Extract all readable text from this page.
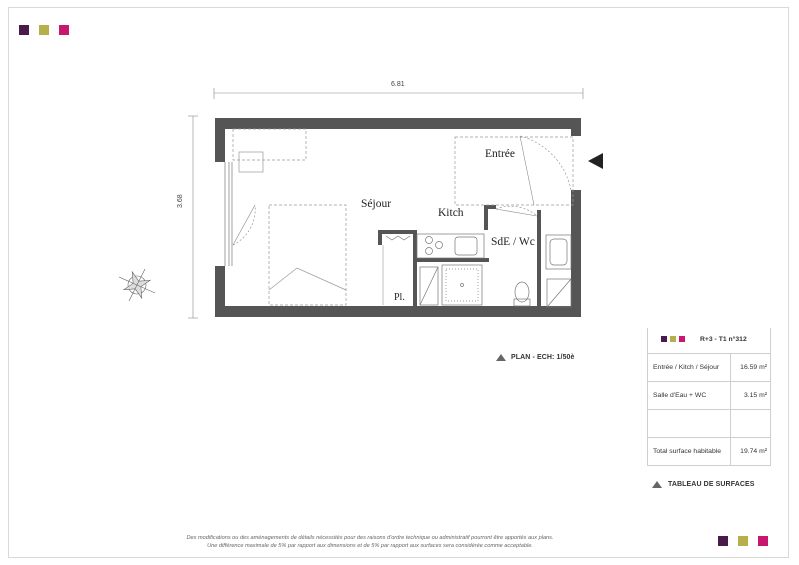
6.81
3.68
Entrée
Séjour
Kitch
SdE / Wc
Pl.
PLAN - ECH: 1/50è
R+3 - T1 n°312
Entrée / Kitch / Séjour	16.59 m²
Salle d'Eau + WC	3.15 m²
Total surface habitable	19.74 m²
TABLEAU DE SURFACES
Des modifications ou des aménagements de détails nécessités pour des raisons d'ordre technique ou administratif pourront être apportés aux plans.
Une différence maximale de 5% par rapport aux dimensions et de 5% par rapport aux surfaces sera considérée comme acceptable.
